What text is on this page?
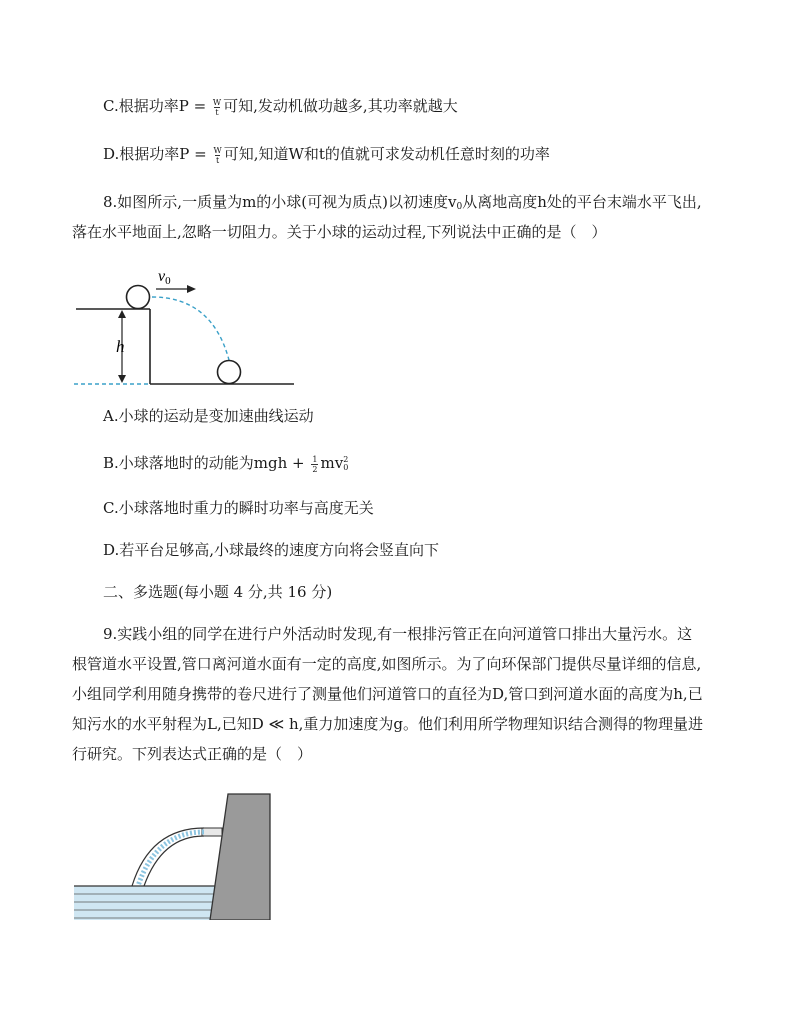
C.根据功率$P = \frac{W}{t}$ 可知,发动机做功越多,其功率就越大
D.根据功率$P = \frac{W}{t}$ 可知,知道W和t的值就可求发动机任意时刻的功率
8.如图所示,一质量为m的小球(可视为质点)以初速度$v_0$从离地高度h处的平台末端水平飞出,
落在水平地面上,忽略一切阻力。关于小球的运动过程,下列说法中正确的是（　）
h
v0
A.小球的运动是变加速曲线运动
B.小球落地时的动能为mgh + $\frac{1}{2}$ mv 2
0
C.小球落地时重力的瞬时功率与高度无关
D.若平台足够高,小球最终的速度方向将会竖直向下
二、多选题(每小题 4 分,共 16 分)
9.实践小组的同学在进行户外活动时发现,有一根排污管正在向河道管口排出大量污水。这
根管道水平设置,管口离河道水面有一定的高度,如图所示。为了向环保部门提供尽量详细的信息,
小组同学利用随身携带的卷尺进行了测量他们河道管口的直径为D,管口到河道水面的高度为h,已
知污水的水平射程为L,已知D ≪ h,重力加速度为g。他们利用所学物理知识结合测得的物理量进
行研究。下列表达式正确的是（　）
